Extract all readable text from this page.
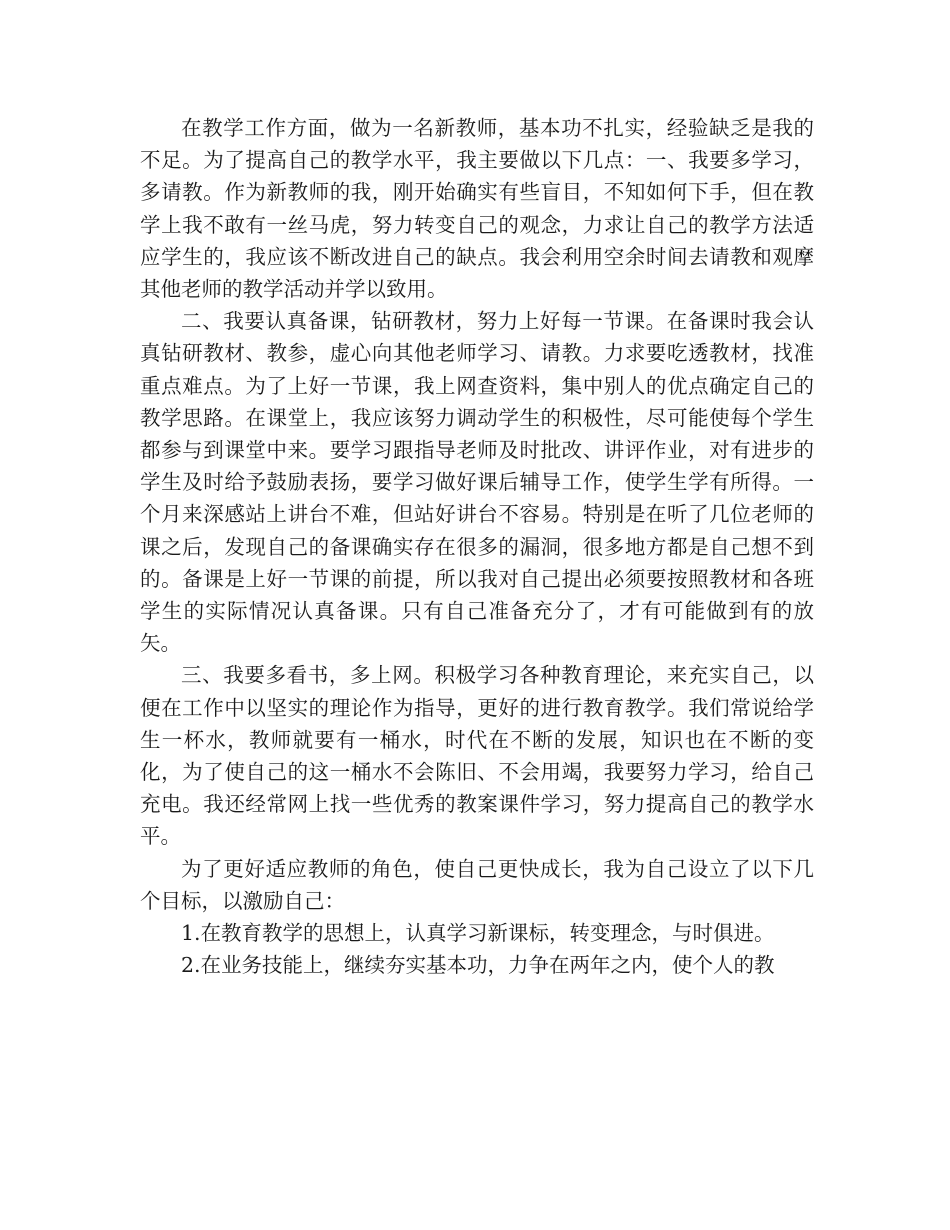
在教学工作方面，做为一名新教师，基本功不扎实，经验缺乏是我的不足。为了提高自己的教学水平，我主要做以下几点：一、我要多学习，多请教。作为新教师的我，刚开始确实有些盲目，不知如何下手，但在教学上我不敢有一丝马虎，努力转变自己的观念，力求让自己的教学方法适应学生的，我应该不断改进自己的缺点。我会利用空余时间去请教和观摩其他老师的教学活动并学以致用。

二、我要认真备课，钻研教材，努力上好每一节课。在备课时我会认真钻研教材、教参，虚心向其他老师学习、请教。力求要吃透教材，找准重点难点。为了上好一节课，我上网查资料，集中别人的优点确定自己的教学思路。在课堂上，我应该努力调动学生的积极性，尽可能使每个学生都参与到课堂中来。要学习跟指导老师及时批改、讲评作业，对有进步的学生及时给予鼓励表扬，要学习做好课后辅导工作，使学生学有所得。一个月来深感站上讲台不难，但站好讲台不容易。特别是在听了几位老师的课之后，发现自己的备课确实存在很多的漏洞，很多地方都是自己想不到的。备课是上好一节课的前提，所以我对自己提出必须要按照教材和各班学生的实际情况认真备课。只有自己准备充分了，才有可能做到有的放矢。

三、我要多看书，多上网。积极学习各种教育理论，来充实自己，以便在工作中以坚实的理论作为指导，更好的进行教育教学。我们常说给学生一杯水，教师就要有一桶水，时代在不断的发展，知识也在不断的变化，为了使自己的这一桶水不会陈旧、不会用竭，我要努力学习，给自己充电。我还经常网上找一些优秀的教案课件学习，努力提高自己的教学水平。

为了更好适应教师的角色，使自己更快成长，我为自己设立了以下几个目标，以激励自己：

1.在教育教学的思想上，认真学习新课标，转变理念，与时俱进。

2.在业务技能上，继续夯实基本功，力争在两年之内，使个人的教
